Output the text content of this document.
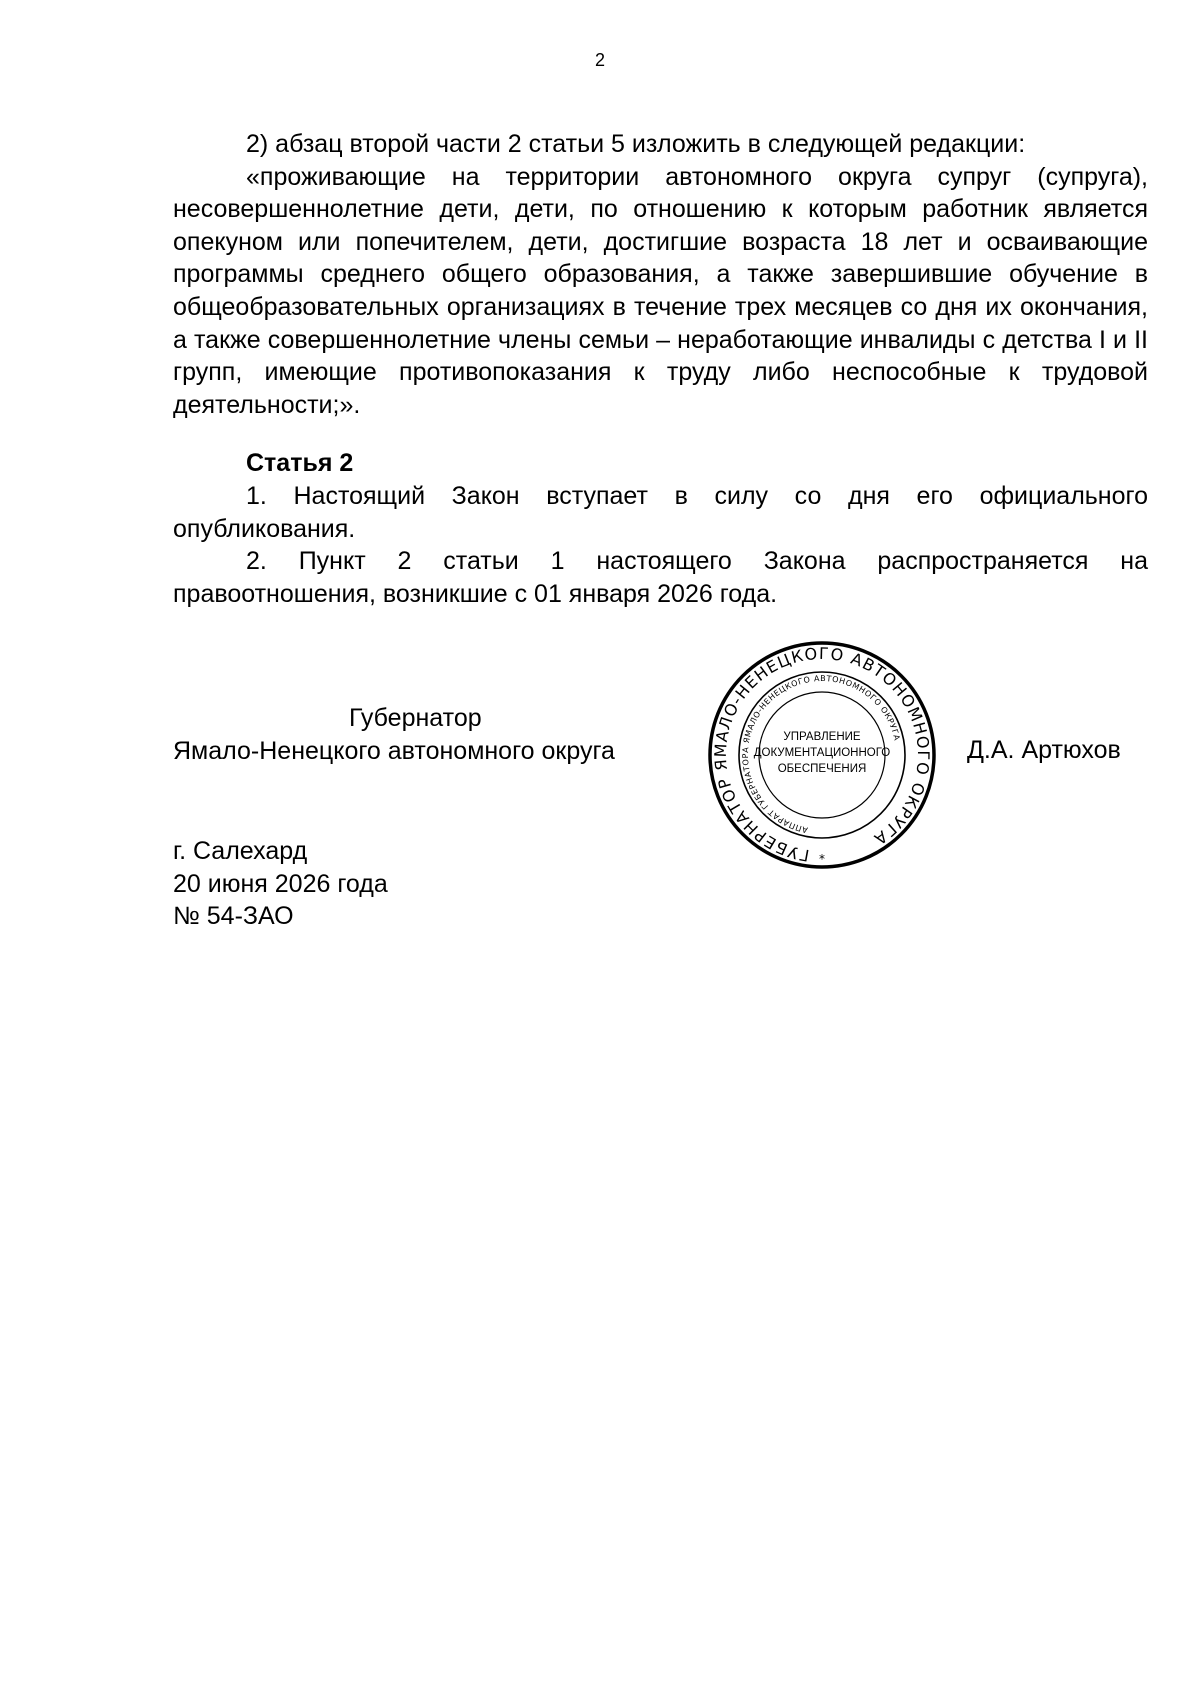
2

2) абзац второй части 2 статьи 5 изложить в следующей редакции:

«проживающие на территории автономного округа супруг (супруга), несовершеннолетние дети, дети, по отношению к которым работник является опекуном или попечителем, дети, достигшие возраста 18 лет и осваивающие программы среднего общего образования, а также завершившие обучение в общеобразовательных организациях в течение трех месяцев со дня их окончания, а также совершеннолетние члены семьи – неработающие инвалиды с детства I и II групп, имеющие противопоказания к труду либо неспособные к трудовой деятельности;».

Статья 2

1. Настоящий Закон вступает в силу со дня его официального опубликования.

2. Пункт 2 статьи 1 настоящего Закона распространяется на правоотношения, возникшие с 01 января 2026 года.

Губернатор
Ямало-Ненецкого автономного округа	Д.А. Артюхов
ГУБЕРНАТОР ЯМАЛО-НЕНЕЦКОГО АВТОНОМНОГО ОКРУГА
АППАРАТ ГУБЕРНАТОРА ЯМАЛО-НЕНЕЦКОГО АВТОНОМНОГО ОКРУГА
*
УПРАВЛЕНИЕ
ДОКУМЕНТАЦИОННОГО
ОБЕСПЕЧЕНИЯ
г. Салехард
20 июня 2026 года
№ 54-ЗАО
